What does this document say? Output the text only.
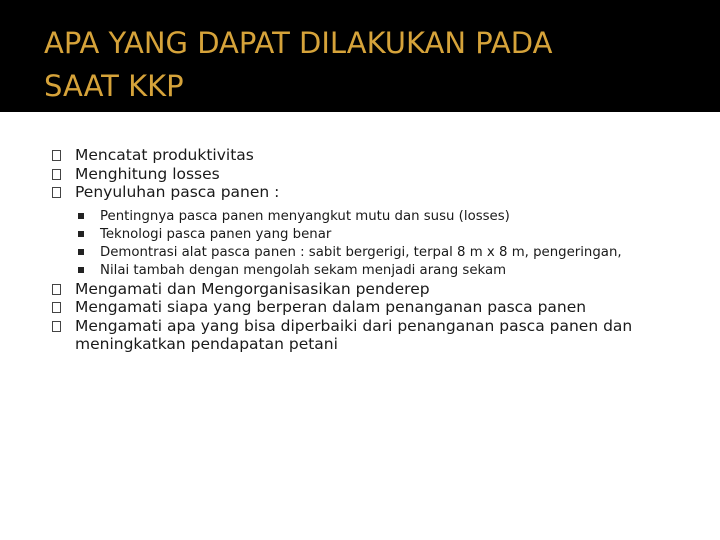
APA YANG DAPAT DILAKUKAN PADA
SAAT KKP
Mencatat produktivitas
Menghitung losses
Penyuluhan pasca panen :
Pentingnya pasca panen menyangkut mutu dan susu (losses)
Teknologi pasca panen yang benar
Demontrasi alat pasca panen : sabit bergerigi, terpal 8 m x 8 m, pengeringan,
Nilai tambah dengan mengolah sekam menjadi arang sekam
Mengamati dan Mengorganisasikan penderep
Mengamati siapa yang berperan dalam penanganan pasca panen
Mengamati apa yang bisa diperbaiki dari penanganan pasca panen dan
meningkatkan pendapatan petani
